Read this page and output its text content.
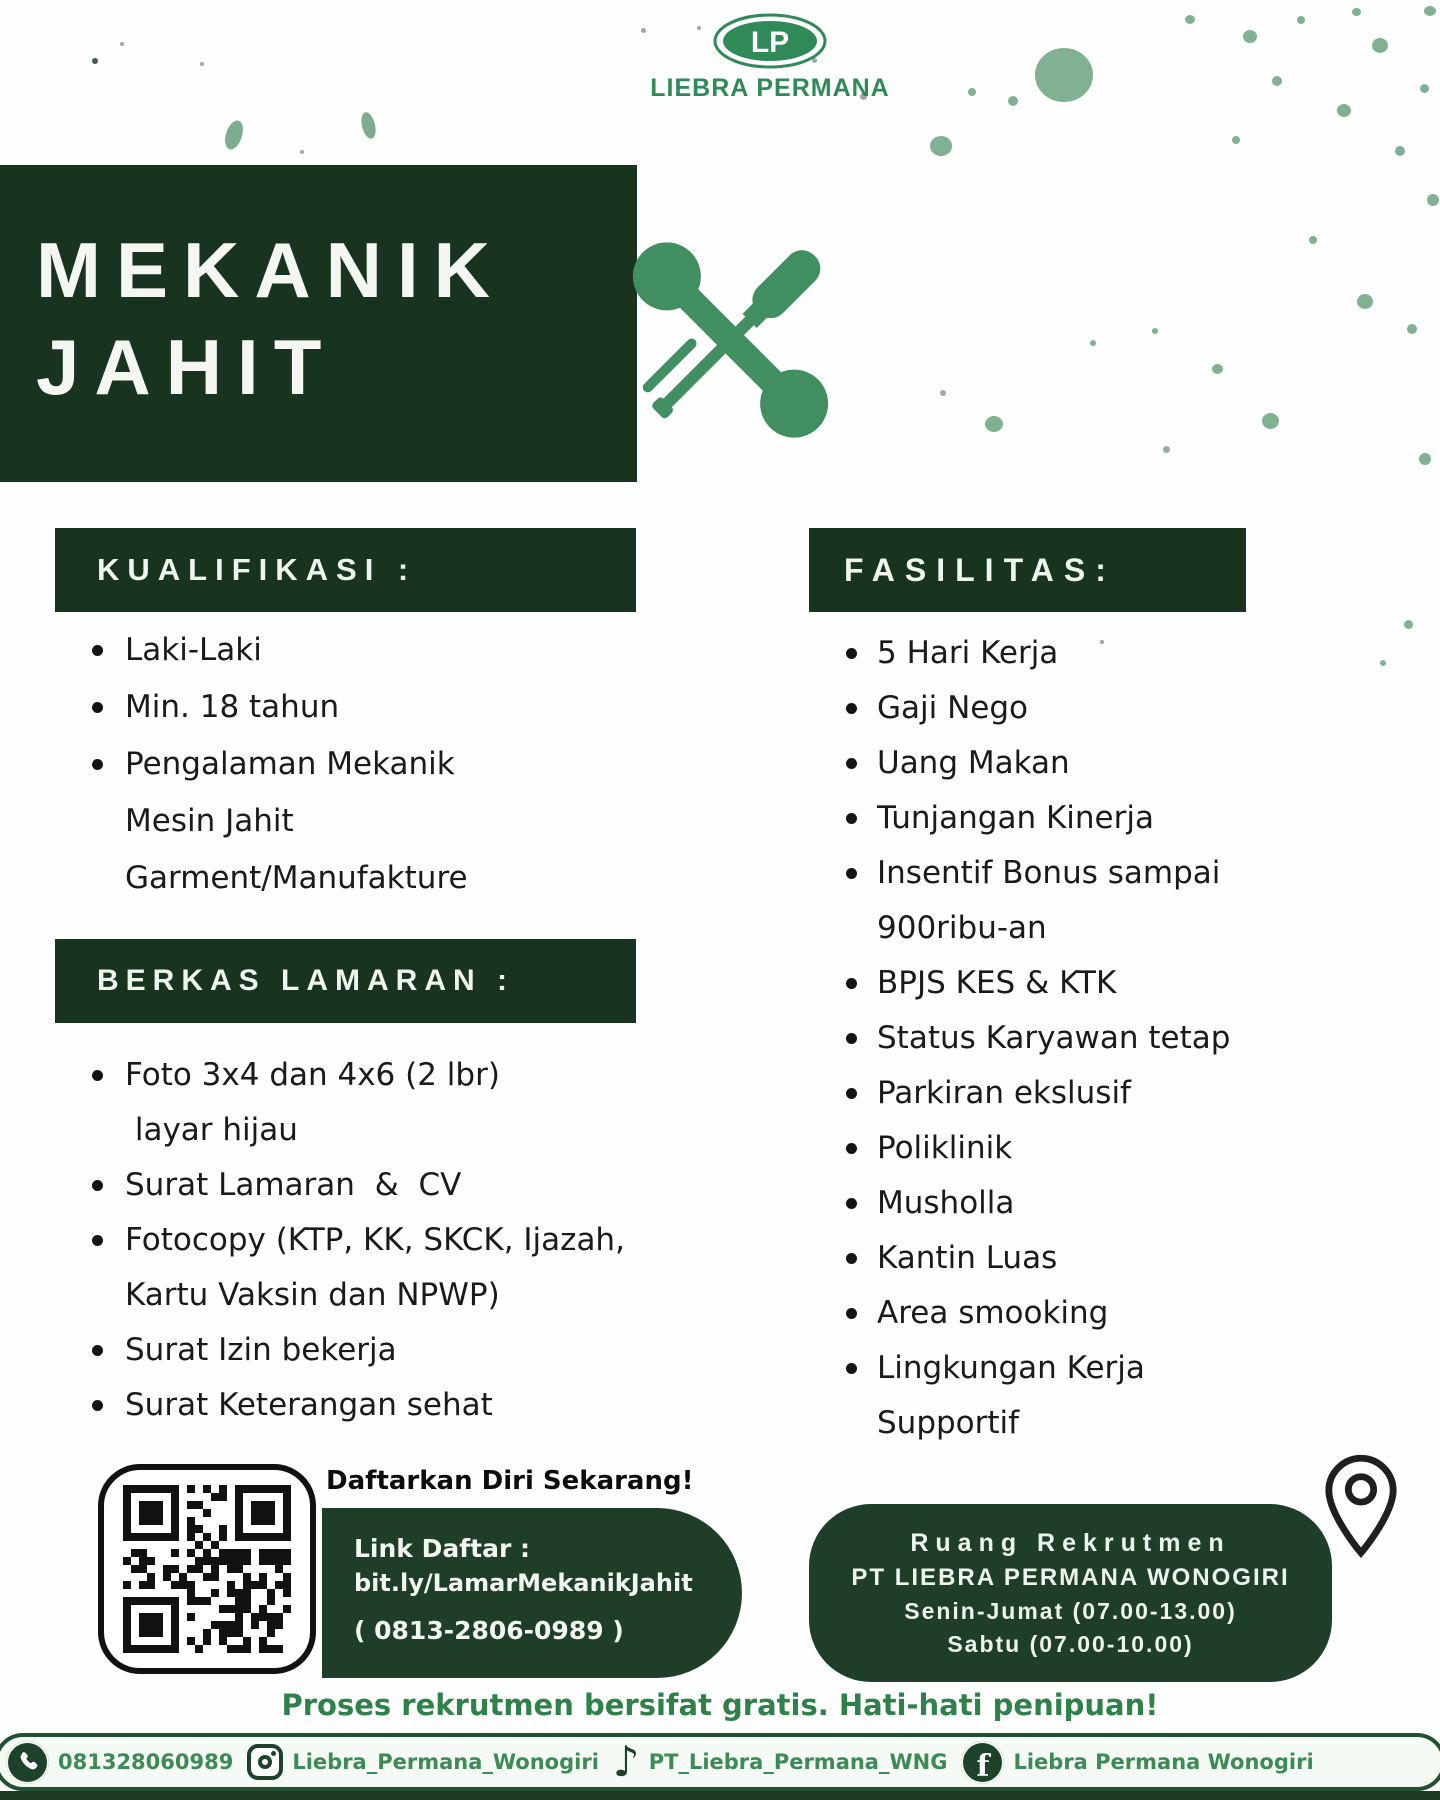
LP
LIEBRA PERMANA
MEKANIK
JAHIT
KUALIFIKASI :	FASILITAS:
BERKAS LAMARAN :
Laki-Laki
Min. 18 tahun
Pengalaman Mekanik
Mesin Jahit
Garment/Manufakture
Foto 3x4 dan 4x6 (2 lbr)
layar hijau
Surat Lamaran  &  CV
Fotocopy (KTP, KK, SKCK, Ijazah,
Kartu Vaksin dan NPWP)
Surat Izin bekerja
Surat Keterangan sehat
5 Hari Kerja
Gaji Nego
Uang Makan
Tunjangan Kinerja
Insentif Bonus sampai
900ribu-an
BPJS KES & KTK
Status Karyawan tetap
Parkiran ekslusif
Poliklinik
Musholla
Kantin Luas
Area smooking
Lingkungan Kerja
Supportif
Daftarkan Diri Sekarang!
Link Daftar :
bit.ly/LamarMekanikJahit
( 0813-2806-0989 )
Ruang Rekrutmen
PT LIEBRA PERMANA WONOGIRI
Senin-Jumat (07.00-13.00)
Sabtu (07.00-10.00)
Proses rekrutmen bersifat gratis. Hati-hati penipuan!
081328060989	Liebra_Permana_Wonogiri ♪ PT_Liebra_Permana_WNG f Liebra Permana Wonogiri
